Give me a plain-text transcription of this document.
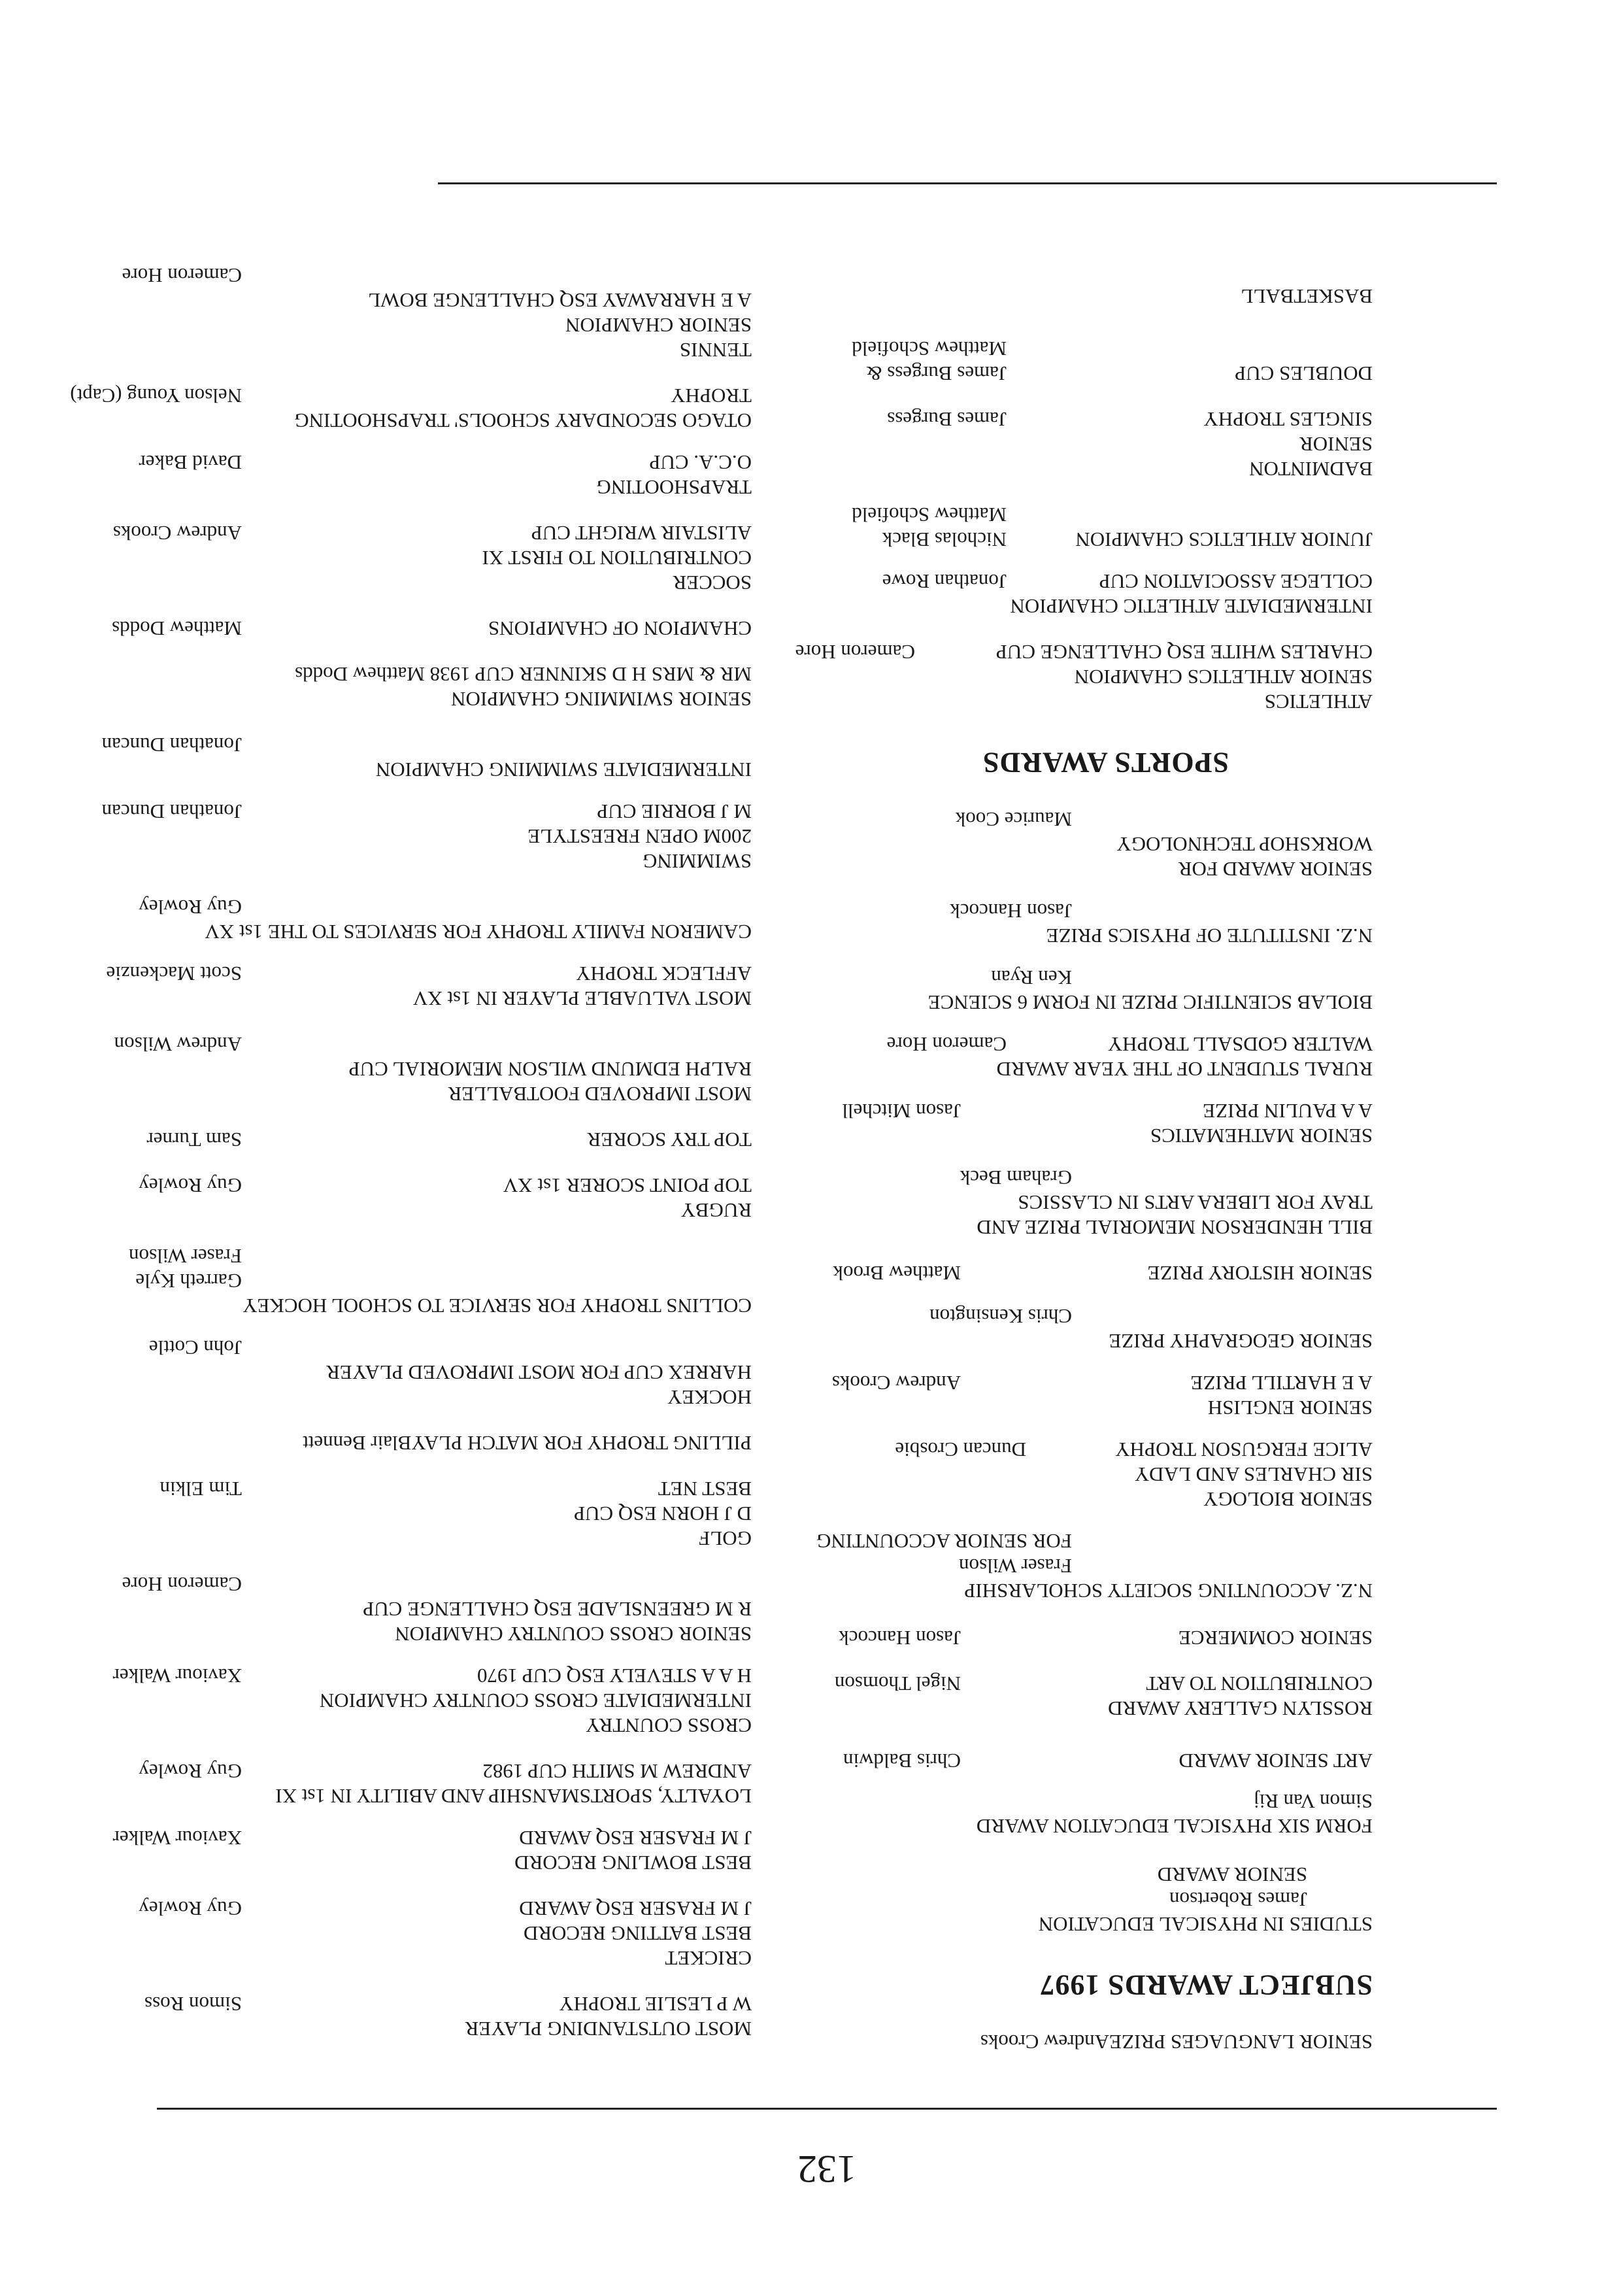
132
SENIOR LANGUAGES PRIZEAndrew Crooks
SUBJECT AWARDS 1997
STUDIES IN PHYSICAL EDUCATION
James Robertson
SENIOR AWARD
FORM SIX PHYSICAL EDUCATION AWARD
Simon Van Rij
ART SENIOR AWARD
Chris Baldwin
ROSSLYN GALLERY AWARD
CONTRIBUTION TO ART
Nigel Thomson
SENIOR COMMERCE
Jason Hancock
N.Z. ACCOUNTING SOCIETY SCHOLARSHIP
Fraser Wilson
FOR SENIOR ACCOUNTING
SENIOR BIOLOGY
SIR CHARLES AND LADY
ALICE FERGUSON TROPHY
Duncan Crosbie
SENIOR ENGLISH
A E HARTILL PRIZE
Andrew Crooks
SENIOR GEOGRAPHY PRIZE
Chris Kensington
SENIOR HISTORY PRIZE
Matthew Brook
BILL HENDERSON MEMORIAL PRIZE AND
TRAY FOR LIBERA ARTS IN CLASSICS
Graham Beck
SENIOR MATHEMATICS
A A PAULIN PRIZE
Jason Mitchell
RURAL STUDENT OF THE YEAR AWARD
WALTER GODSALL TROPHY
Cameron Hore
BIOLAB SCIENTIFIC PRIZE IN FORM 6 SCIENCE
Ken Ryan
N.Z. INSTITUTE OF PHYSICS PRIZE
Jason Hancock
SENIOR AWARD FOR
WORKSHOP TECHNOLOGY
Maurice Cook
SPORTS AWARDS
ATHLETICS
SENIOR ATHLETICS CHAMPION
CHARLES WHITE ESQ CHALLENGE CUP
Cameron Hore
INTERMEDIATE ATHLETIC CHAMPION
COLLEGE ASSOCIATION CUP
Jonathan Rowe
JUNIOR ATHLETICS CHAMPION
Nicholas Black
Matthew Schofield
BADMINTON
SENIOR
SINGLES TROPHY
James Burgess
DOUBLES CUP
James Burgess &
Matthew Schofield
BASKETBALL
MOST OUTSTANDING PLAYER
W P LESLIE TROPHY
Simon Ross
CRICKET
BEST BATTING RECORD
J M FRASER ESQ AWARD
Guy Rowley
BEST BOWLING RECORD
J M FRASER ESQ AWARD
Xaviour Walker
LOYALTY, SPORTSMANSHIP AND ABILITY IN 1st XI
ANDREW M SMITH CUP 1982
Guy Rowley
CROSS COUNTRY
INTERMEDIATE CROSS COUNTRY CHAMPION
H A A STEVELY ESQ CUP 1970
Xaviour Walker
SENIOR CROSS COUNTRY CHAMPION
R M GREENSLADE ESQ CHALLENGE CUP
Cameron Hore
GOLF
D J HORN ESQ CUP
BEST NET
Tim Elkin
PILLING TROPHY FOR MATCH PLAYBlair Bennett
HOCKEY
HARREX CUP FOR MOST IMPROVED PLAYER
John Cottle
COLLINS TROPHY FOR SERVICE TO SCHOOL HOCKEY
Garreth Kyle
Fraser Wilson
RUGBY
TOP POINT SCORER 1st XV
Guy Rowley
TOP TRY SCORER
Sam Turner
MOST IMPROVED FOOTBALLER
RALPH EDMUND WILSON MEMORIAL CUP
Andrew Wilson
MOST VALUABLE PLAYER IN 1st XV
AFFLECK TROPHY
Scott Mackenzie
CAMERON FAMILY TROPHY FOR SERVICES TO THE 1st XV
Guy Rowley
SWIMMING
200M OPEN FREESTYLE
M J BORRIE CUP
Jonathan Duncan
INTERMEDIATE SWIMMING CHAMPION
Jonathan Duncan
SENIOR SWIMMING CHAMPION
MR & MRS H D SKINNER CUP 1938 Matthew Dodds
CHAMPION OF CHAMPIONS
Matthew Dodds
SOCCER
CONTRIBUTION TO FIRST XI
ALISTAIR WRIGHT CUP
Andrew Crooks
TRAPSHOOTING
O.C.A. CUP
David Baker
OTAGO SECONDARY SCHOOLS' TRAPSHOOTING
TROPHY
Nelson Young (Capt)
TENNIS
SENIOR CHAMPION
A E HARRAWAY ESQ CHALLENGE BOWL
Cameron Hore
